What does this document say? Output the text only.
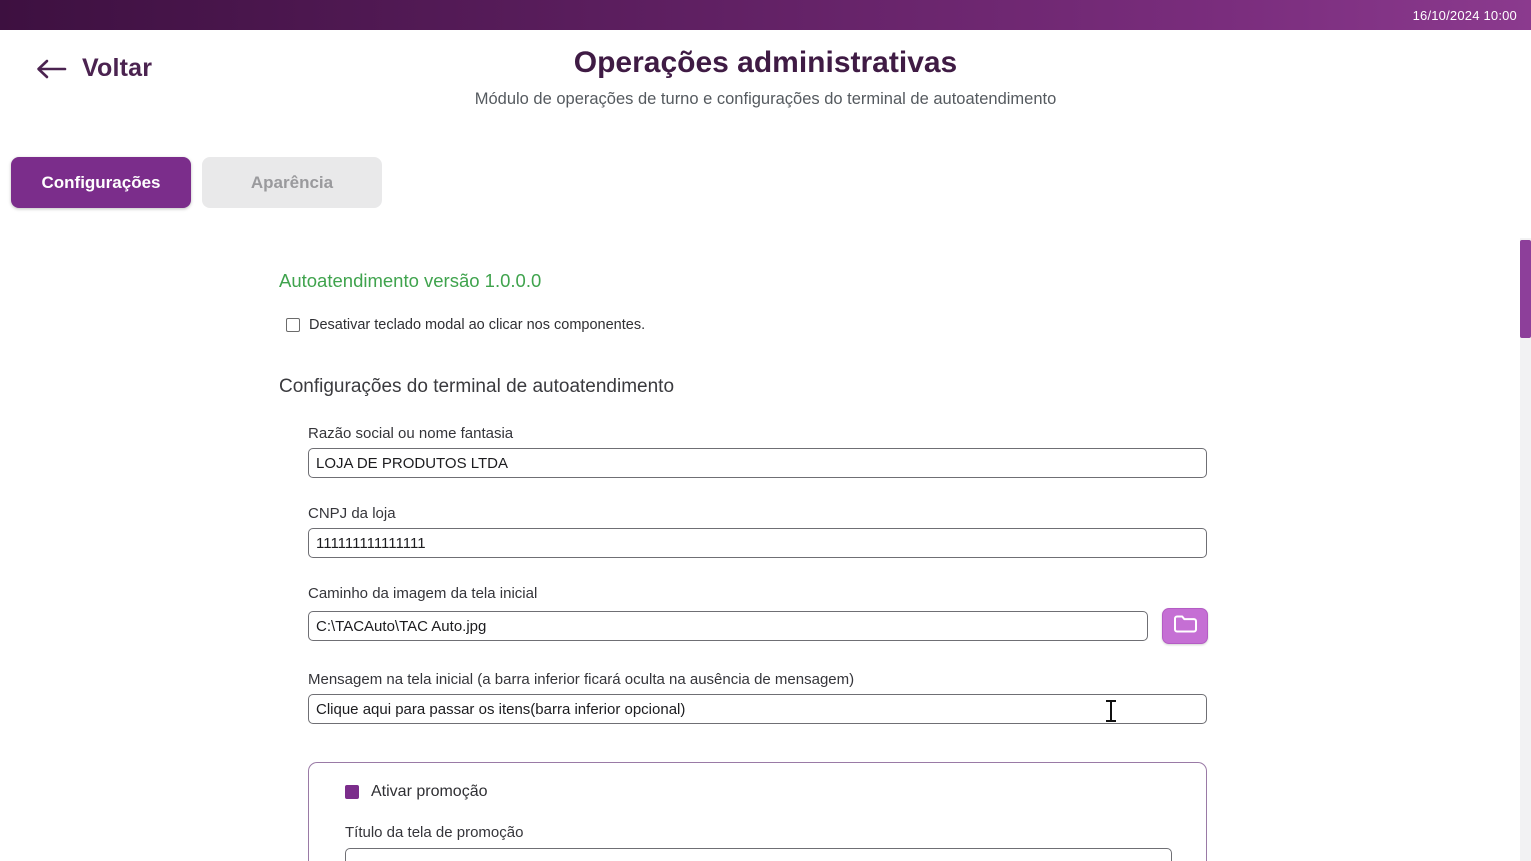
16/10/2024 10:00
Voltar	Operações administrativas
Módulo de operações de turno e configurações do terminal de autoatendimento
Configurações	Aparência
Autoatendimento versão 1.0.0.0
Desativar teclado modal ao clicar nos componentes.
Configurações do terminal de autoatendimento
Razão social ou nome fantasia
LOJA DE PRODUTOS LTDA
CNPJ da loja
111111111111111
Caminho da imagem da tela inicial
C:\TACAuto\TAC Auto.jpg
Mensagem na tela inicial (a barra inferior ficará oculta na ausência de mensagem)
Clique aqui para passar os itens(barra inferior opcional)
Ativar promoção
Título da tela de promoção
